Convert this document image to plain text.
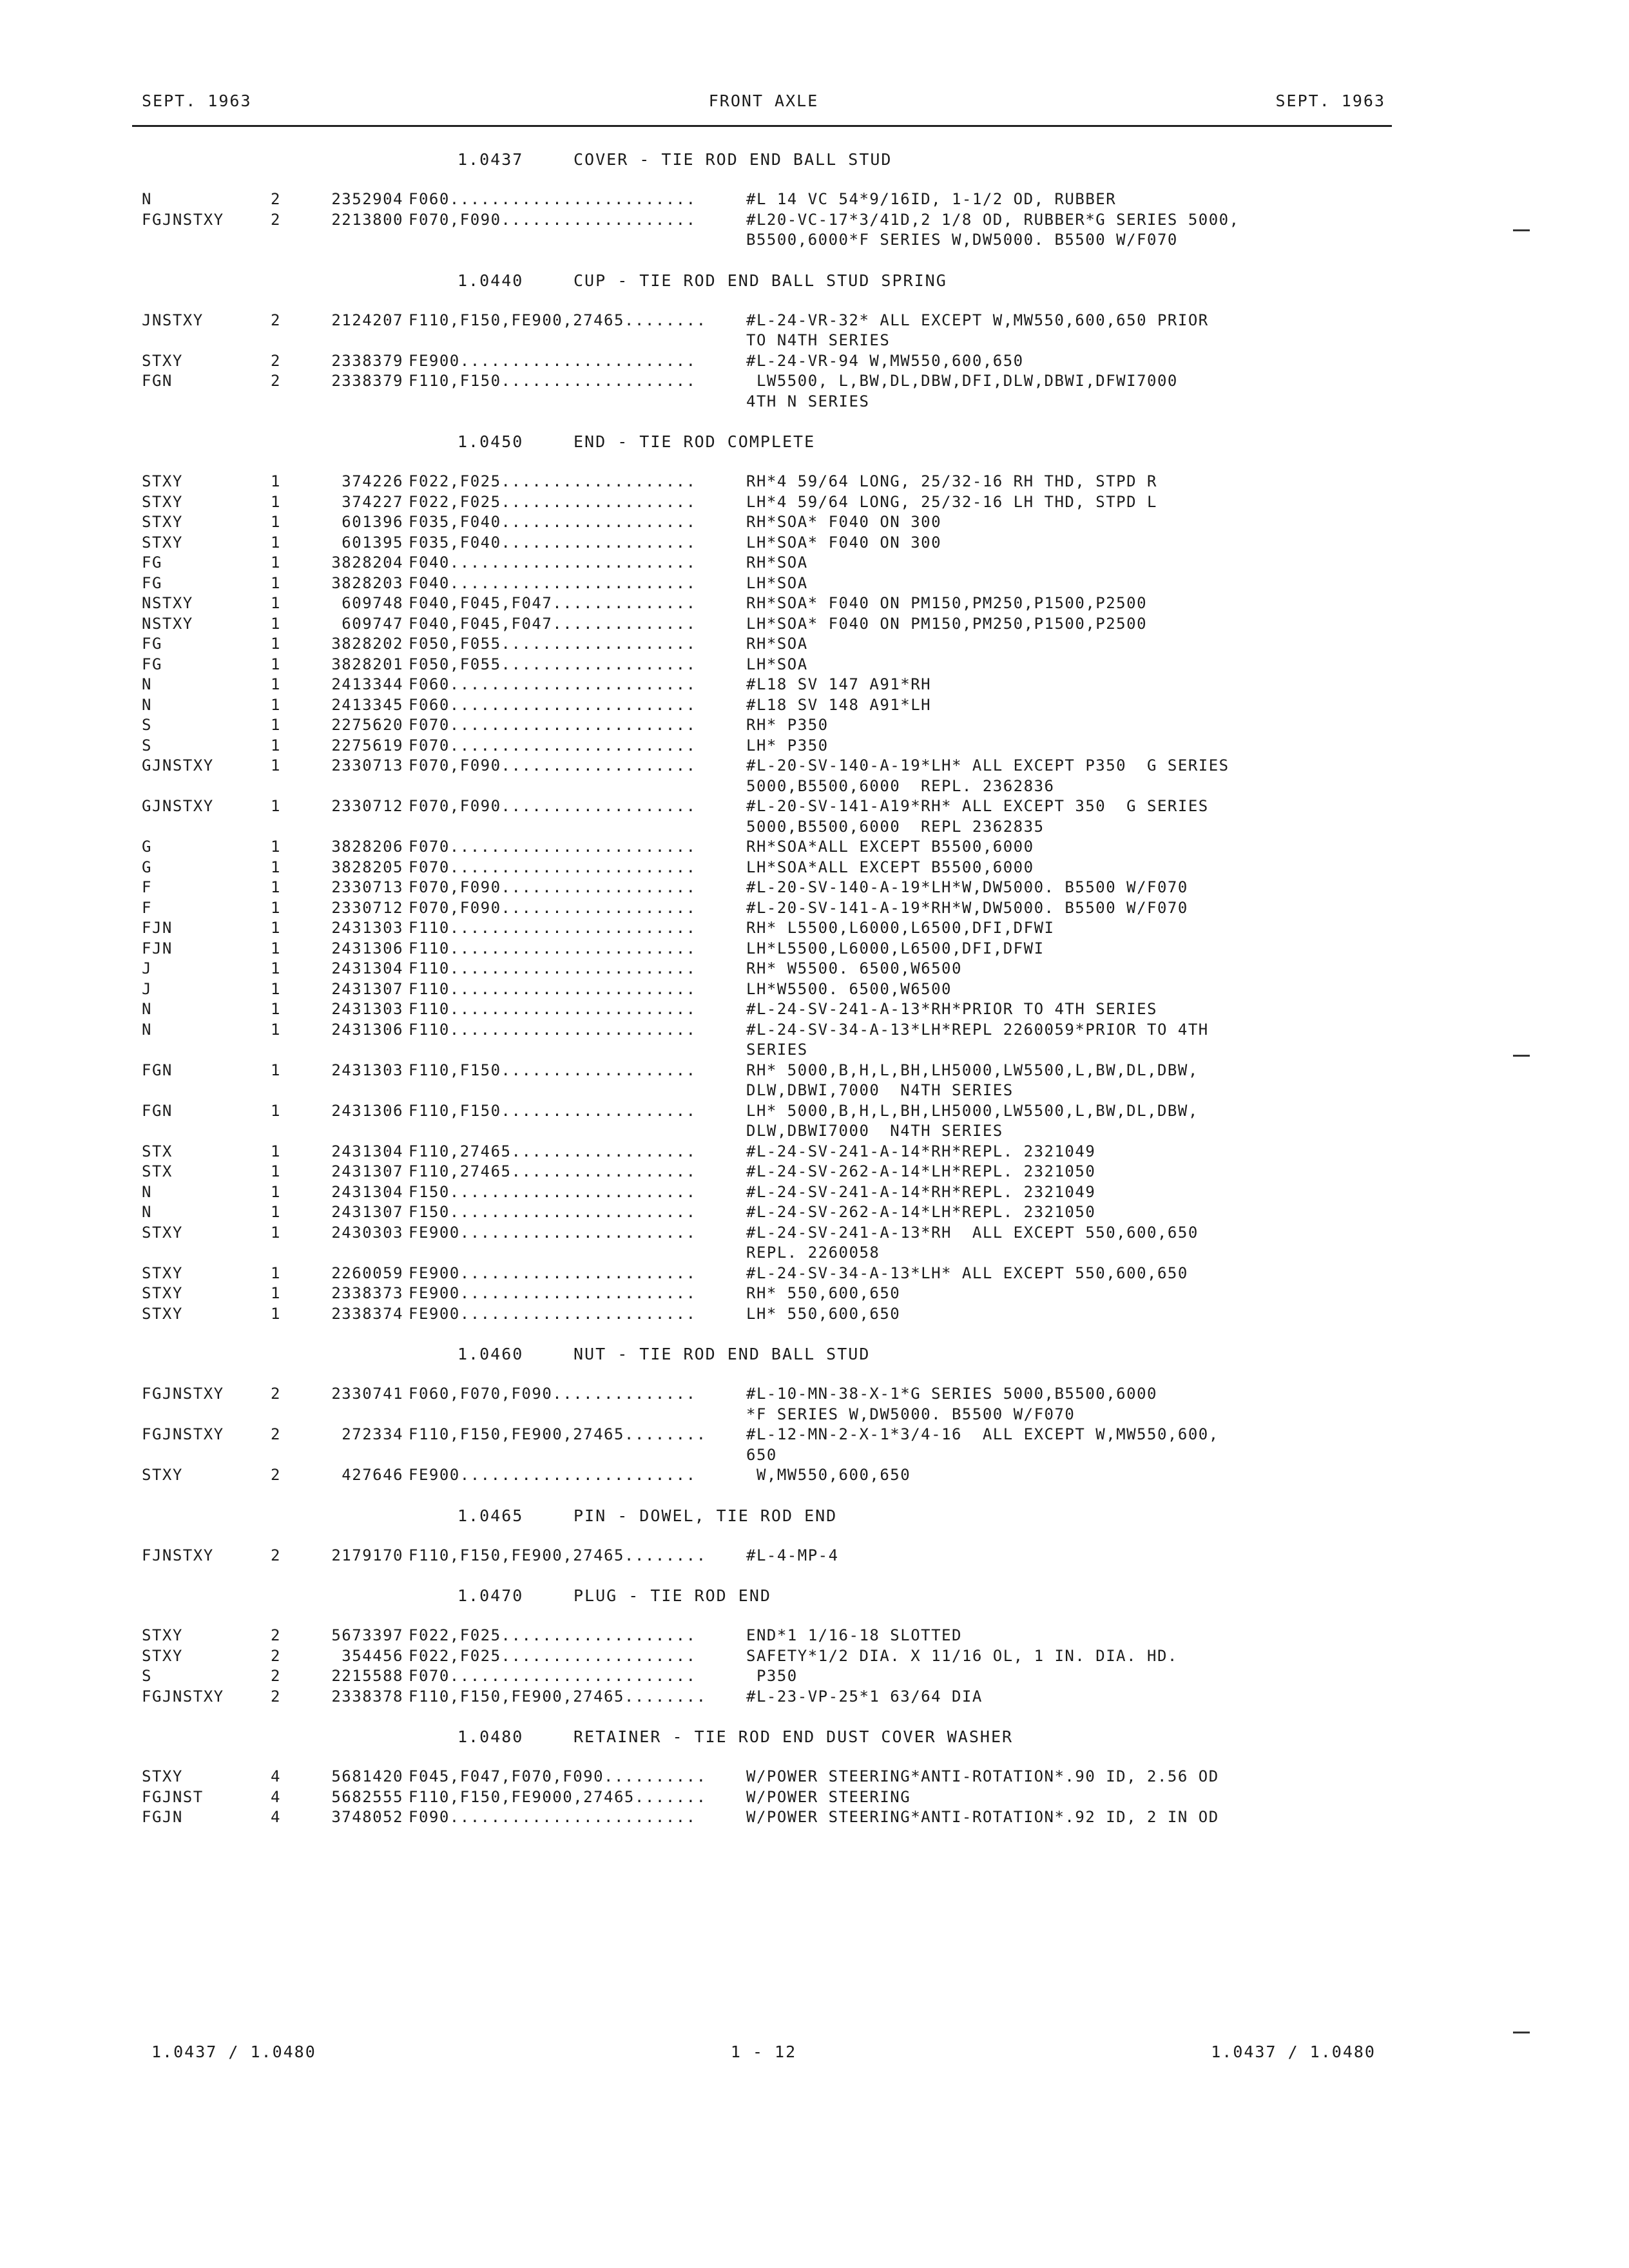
SEPT. 1963	FRONT AXLE	SEPT. 1963
1.0437	COVER - TIE ROD END BALL STUD
N	2	2352904 F060........................	#L 14 VC 54*9/16ID, 1-1/2 OD, RUBBER
FGJNSTXY	2	2213800 F070,F090...................	#L20-VC-17*3/41D,2 1/8 OD, RUBBER*G SERIES 5000,
B5500,6000*F SERIES W,DW5000. B5500 W/F070
1.0440	CUP - TIE ROD END BALL STUD SPRING
JNSTXY	2	2124207 F110,F150,FE900,27465........	#L-24-VR-32* ALL EXCEPT W,MW550,600,650 PRIOR
TO N4TH SERIES
STXY	2	2338379 FE900.......................	#L-24-VR-94 W,MW550,600,650
FGN	2	2338379 F110,F150...................	LW5500, L,BW,DL,DBW,DFI,DLW,DBWI,DFWI7000
4TH N SERIES
1.0450	END - TIE ROD COMPLETE
STXY	1	374226 F022,F025...................	RH*4 59/64 LONG, 25/32-16 RH THD, STPD R
STXY	1	374227 F022,F025...................	LH*4 59/64 LONG, 25/32-16 LH THD, STPD L
STXY	1	601396 F035,F040...................	RH*SOA* F040 ON 300
STXY	1	601395 F035,F040...................	LH*SOA* F040 ON 300
FG	1	3828204 F040........................	RH*SOA
FG	1	3828203 F040........................	LH*SOA
NSTXY	1	609748 F040,F045,F047..............	RH*SOA* F040 ON PM150,PM250,P1500,P2500
NSTXY	1	609747 F040,F045,F047..............	LH*SOA* F040 ON PM150,PM250,P1500,P2500
FG	1	3828202 F050,F055...................	RH*SOA
FG	1	3828201 F050,F055...................	LH*SOA
N	1	2413344 F060........................	#L18 SV 147 A91*RH
N	1	2413345 F060........................	#L18 SV 148 A91*LH
S	1	2275620 F070........................	RH* P350
S	1	2275619 F070........................	LH* P350
GJNSTXY	1	2330713 F070,F090...................	#L-20-SV-140-A-19*LH* ALL EXCEPT P350  G SERIES
5000,B5500,6000  REPL. 2362836
GJNSTXY	1	2330712 F070,F090...................	#L-20-SV-141-A19*RH* ALL EXCEPT 350  G SERIES
5000,B5500,6000  REPL 2362835
G	1	3828206 F070........................	RH*SOA*ALL EXCEPT B5500,6000
G	1	3828205 F070........................	LH*SOA*ALL EXCEPT B5500,6000
F	1	2330713 F070,F090...................	#L-20-SV-140-A-19*LH*W,DW5000. B5500 W/F070
F	1	2330712 F070,F090...................	#L-20-SV-141-A-19*RH*W,DW5000. B5500 W/F070
FJN	1	2431303 F110........................	RH* L5500,L6000,L6500,DFI,DFWI
FJN	1	2431306 F110........................	LH*L5500,L6000,L6500,DFI,DFWI
J	1	2431304 F110........................	RH* W5500. 6500,W6500
J	1	2431307 F110........................	LH*W5500. 6500,W6500
N	1	2431303 F110........................	#L-24-SV-241-A-13*RH*PRIOR TO 4TH SERIES
N	1	2431306 F110........................	#L-24-SV-34-A-13*LH*REPL 2260059*PRIOR TO 4TH
SERIES
FGN	1	2431303 F110,F150...................	RH* 5000,B,H,L,BH,LH5000,LW5500,L,BW,DL,DBW,
DLW,DBWI,7000  N4TH SERIES
FGN	1	2431306 F110,F150...................	LH* 5000,B,H,L,BH,LH5000,LW5500,L,BW,DL,DBW,
DLW,DBWI7000  N4TH SERIES
STX	1	2431304 F110,27465..................	#L-24-SV-241-A-14*RH*REPL. 2321049
STX	1	2431307 F110,27465..................	#L-24-SV-262-A-14*LH*REPL. 2321050
N	1	2431304 F150........................	#L-24-SV-241-A-14*RH*REPL. 2321049
N	1	2431307 F150........................	#L-24-SV-262-A-14*LH*REPL. 2321050
STXY	1	2430303 FE900.......................	#L-24-SV-241-A-13*RH  ALL EXCEPT 550,600,650
REPL. 2260058
STXY	1	2260059 FE900.......................	#L-24-SV-34-A-13*LH* ALL EXCEPT 550,600,650
STXY	1	2338373 FE900.......................	RH* 550,600,650
STXY	1	2338374 FE900.......................	LH* 550,600,650
1.0460	NUT - TIE ROD END BALL STUD
FGJNSTXY	2	2330741 F060,F070,F090..............	#L-10-MN-38-X-1*G SERIES 5000,B5500,6000
*F SERIES W,DW5000. B5500 W/F070
FGJNSTXY	2	272334 F110,F150,FE900,27465........	#L-12-MN-2-X-1*3/4-16  ALL EXCEPT W,MW550,600,
650
STXY	2	427646 FE900.......................	W,MW550,600,650
1.0465	PIN - DOWEL, TIE ROD END
FJNSTXY	2	2179170 F110,F150,FE900,27465........	#L-4-MP-4
1.0470	PLUG - TIE ROD END
STXY	2	5673397 F022,F025...................	END*1 1/16-18 SLOTTED
STXY	2	354456 F022,F025...................	SAFETY*1/2 DIA. X 11/16 OL, 1 IN. DIA. HD.
S	2	2215588 F070........................	P350
FGJNSTXY	2	2338378 F110,F150,FE900,27465........	#L-23-VP-25*1 63/64 DIA
1.0480	RETAINER - TIE ROD END DUST COVER WASHER
STXY	4	5681420 F045,F047,F070,F090..........	W/POWER STEERING*ANTI-ROTATION*.90 ID, 2.56 OD
FGJNST	4	5682555 F110,F150,FE9000,27465.......	W/POWER STEERING
FGJN	4	3748052 F090........................	W/POWER STEERING*ANTI-ROTATION*.92 ID, 2 IN OD
1.0437 / 1.0480	1 - 12	1.0437 / 1.0480
